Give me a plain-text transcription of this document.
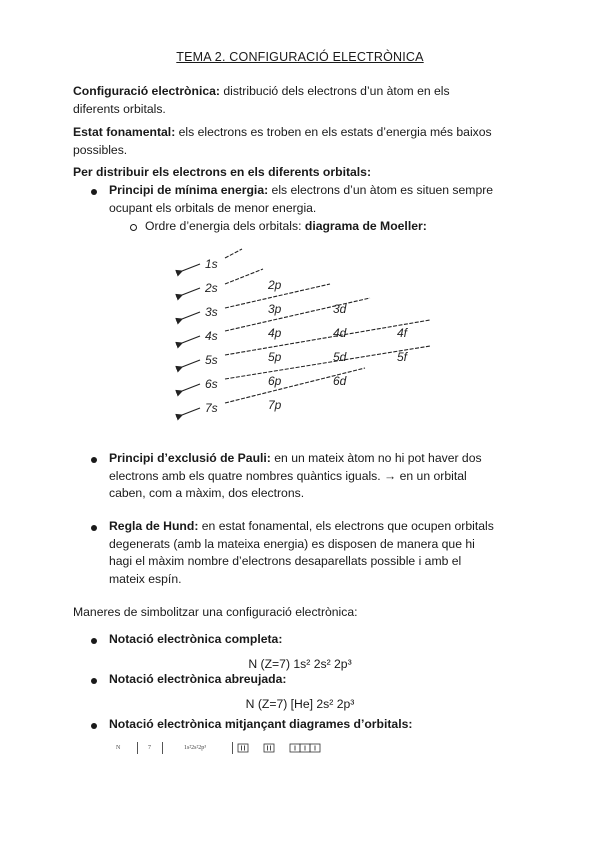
TEMA 2. CONFIGURACIÓ ELECTRÒNICA

Configuració electrònica: distribució dels electrons d’un àtom en els
diferents orbitals.

Estat fonamental: els electrons es troben en els estats d’energia més baixos
possibles.

Per distribuir els electrons en els diferents orbitals:

Principi de mínima energia: els electrons d’un àtom es situen sempre
ocupant els orbitals de menor energia.

Ordre d’energia dels orbitals: diagrama de Moeller:

1s
2s	2p
3s	3p	3d
4s	4p	4d	4f
5s	5p	5d	5f
6s	6p	6d
7s	7p

Principi d’exclusió de Pauli: en un mateix àtom no hi pot haver dos
electrons amb els quatre nombres quàntics iguals. → en un orbital
caben, com a màxim, dos electrons.

Regla de Hund: en estat fonamental, els electrons que ocupen orbitals
degenerats (amb la mateixa energia) es disposen de manera que hi
hagi el màxim nombre d’electrons desaparellats possible i amb el
mateix espín.

Maneres de simbolitzar una configuració electrònica:

Notació electrònica completa:

N (Z=7) 1s² 2s² 2p³

Notació electrònica abreujada:

N (Z=7) [He] 2s² 2p³

Notació electrònica mitjançant diagrames d’orbitals:

N	7	1s²2s²2p³
